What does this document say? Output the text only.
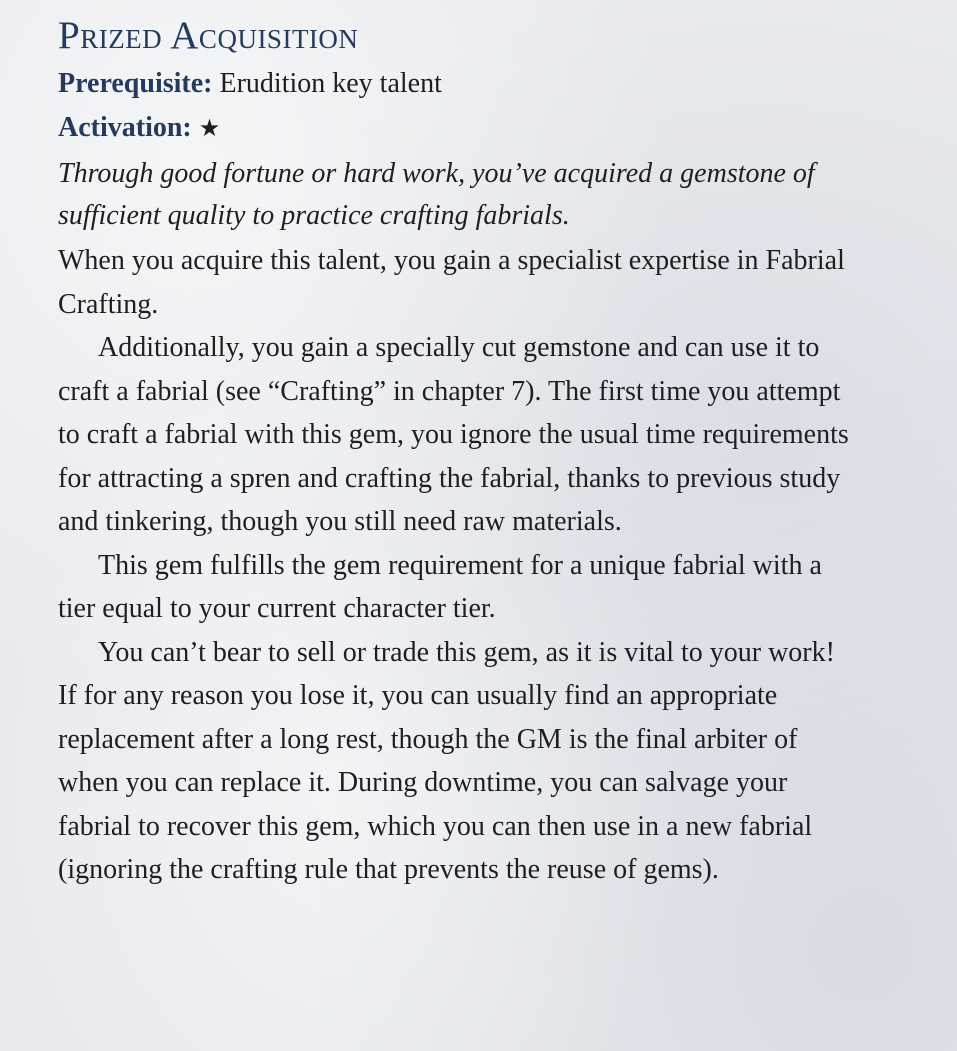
Prized Acquisition

Prerequisite: Erudition key talent

Activation: ★

Through good fortune or hard work, you’ve acquired a gemstone of sufficient quality to practice crafting fabrials.

When you acquire this talent, you gain a specialist expertise in Fabrial Crafting.

Additionally, you gain a specially cut gemstone and can use it to craft a fabrial (see “Crafting” in chapter 7). The first time you attempt to craft a fabrial with this gem, you ignore the usual time requirements for attracting a spren and crafting the fabrial, thanks to previous study and tinkering, though you still need raw materials.

This gem fulfills the gem requirement for a unique fabrial with a tier equal to your current character tier.

You can’t bear to sell or trade this gem, as it is vital to your work! If for any reason you lose it, you can usually find an appropriate replacement after a long rest, though the GM is the final arbiter of when you can replace it. During downtime, you can salvage your fabrial to recover this gem, which you can then use in a new fabrial (ignoring the crafting rule that prevents the reuse of gems).
